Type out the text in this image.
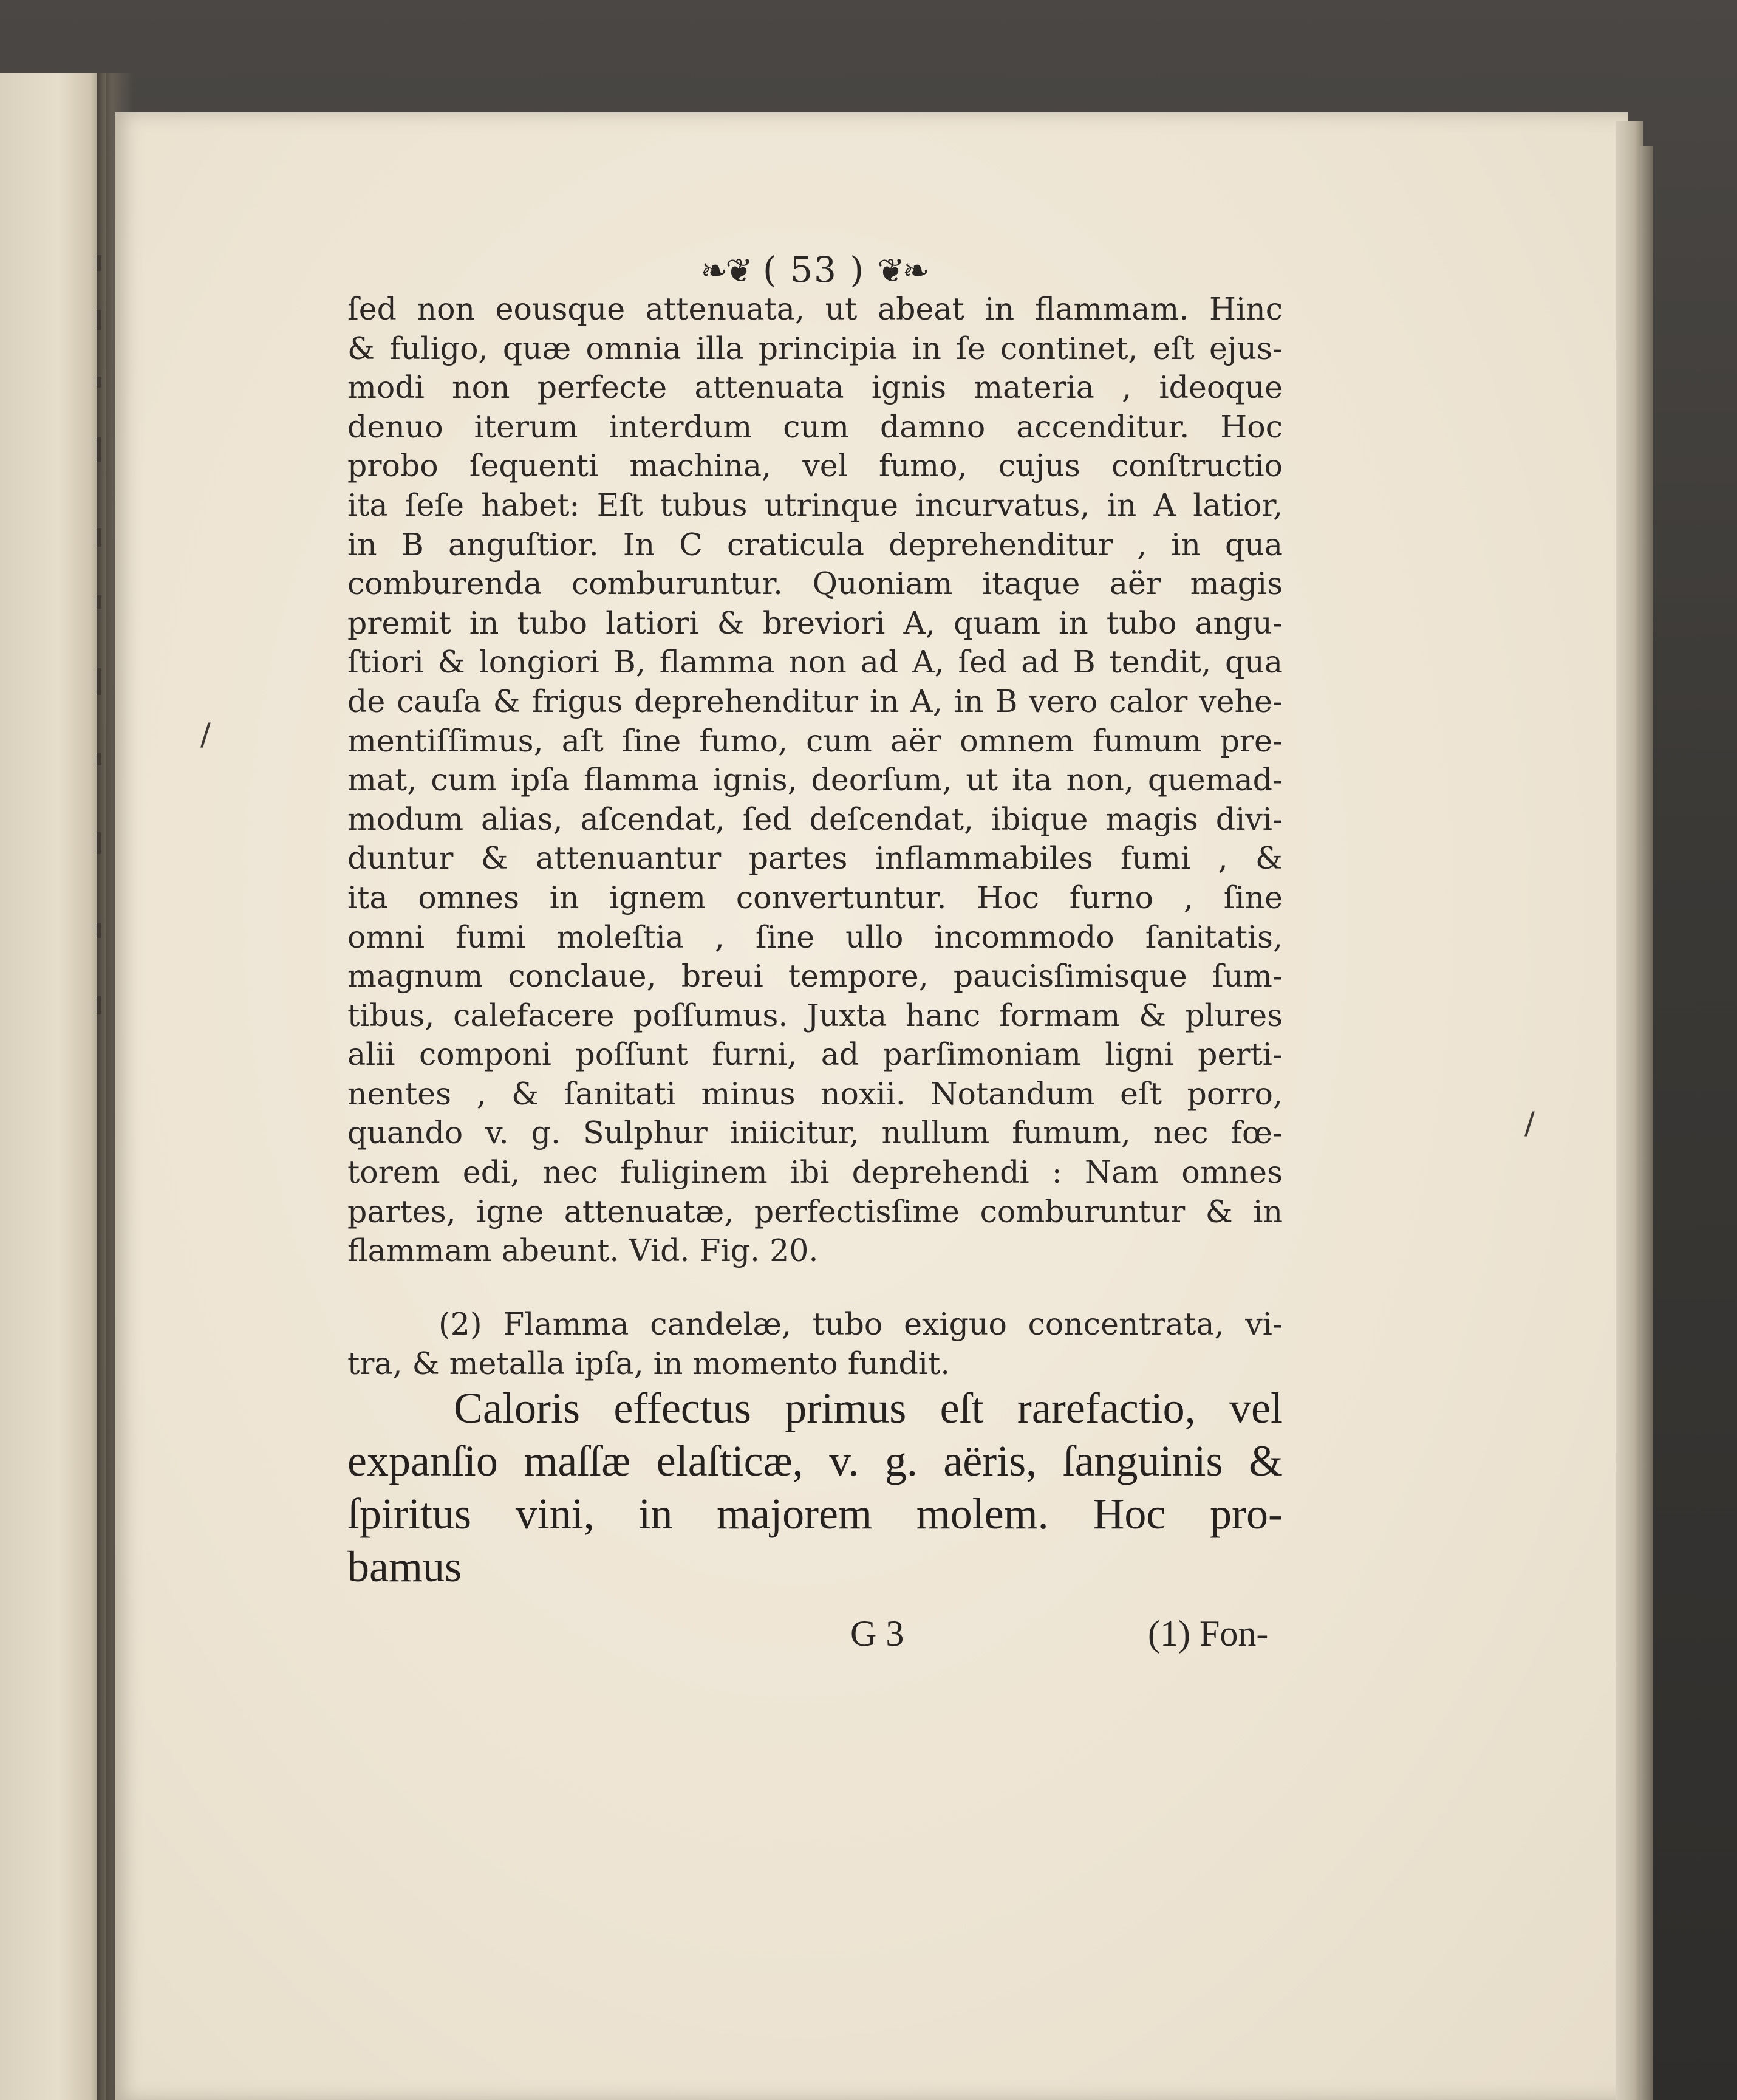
❧❦ ( 53 ) ❦❧
ſed non eousque attenuata, ut abeat in flammam. Hinc
& fuligo, quæ omnia illa principia in ſe continet, eſt ejus-
modi non perfecte attenuata ignis materia , ideoque
denuo iterum interdum cum damno accenditur. Hoc
probo ſequenti machina, vel fumo, cujus conſtructio
ita ſeſe habet: Eſt tubus utrinque incurvatus, in A latior,
in B anguſtior. In C craticula deprehenditur , in qua
comburenda comburuntur. Quoniam itaque aër magis
premit in tubo latiori & breviori A, quam in tubo angu-
ſtiori & longiori B, flamma non ad A, ſed ad B tendit, qua
de cauſa & frigus deprehenditur in A, in B vero calor vehe-
mentiſſimus, aſt ſine fumo, cum aër omnem fumum pre-
mat, cum ipſa flamma ignis, deorſum, ut ita non, quemad-
modum alias, aſcendat, ſed deſcendat, ibique magis divi-
duntur & attenuantur partes inflammabiles fumi , &
ita omnes in ignem convertuntur. Hoc furno , ſine
omni fumi moleſtia , ſine ullo incommodo ſanitatis,
magnum conclaue, breui tempore, paucisſimisque ſum-
tibus, calefacere poſſumus. Juxta hanc formam & plures
alii componi poſſunt furni, ad parſimoniam ligni perti-
nentes , & ſanitati minus noxii. Notandum eſt porro,
quando v. g. Sulphur iniicitur, nullum fumum, nec fœ-
torem edi, nec fuliginem ibi deprehendi : Nam omnes
partes, igne attenuatæ, perfectisſime comburuntur & in
flammam abeunt. Vid. Fig. 20.
(2) Flamma candelæ, tubo exiguo concentrata, vi-
tra, & metalla ipſa, in momento fundit.
Caloris effectus primus eſt rarefactio, vel
expanſio maſſæ elaſticæ, v. g. aëris, ſanguinis &
ſpiritus vini, in majorem molem. Hoc pro-
bamus
G 3	(1) Fon-
/
/
